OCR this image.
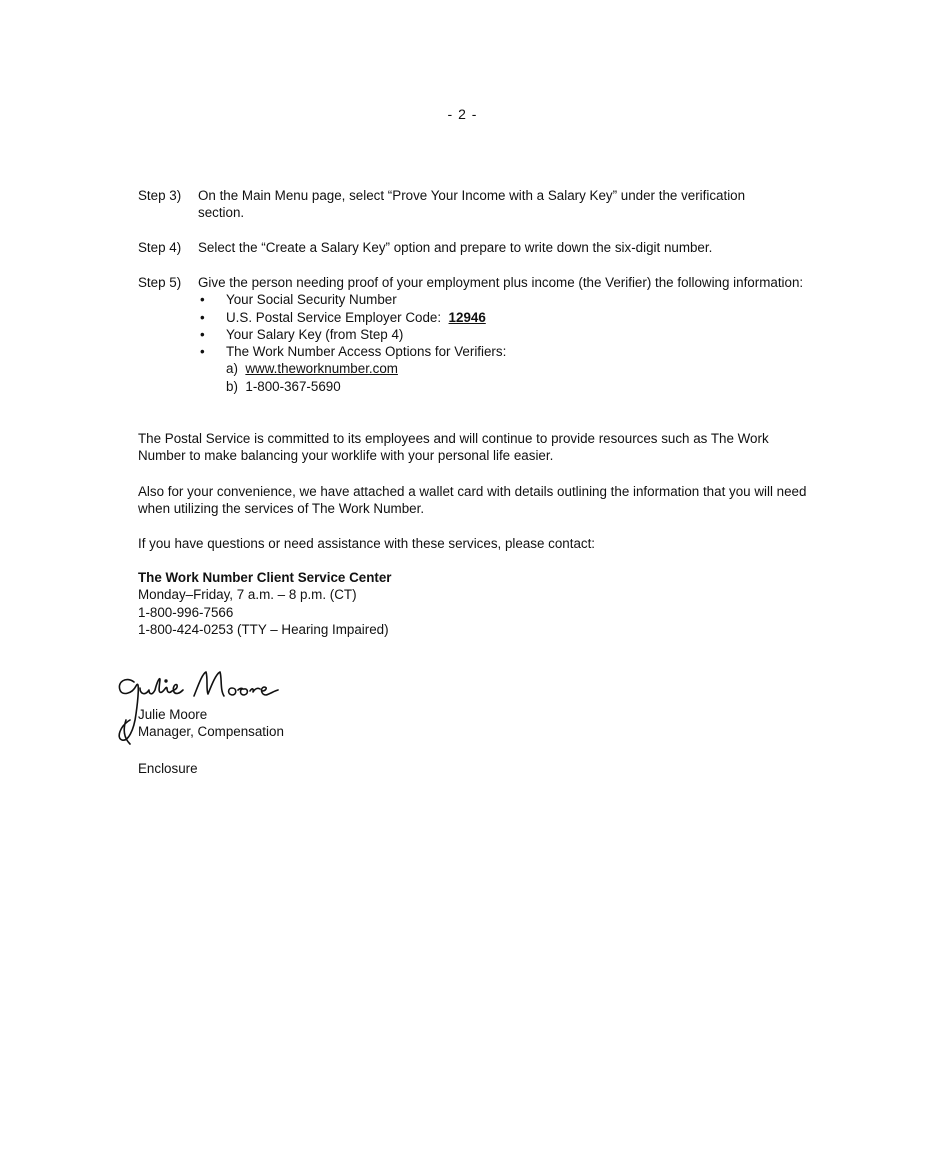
- 2 -
Step 3)	On the Main Menu page, select “Prove Your Income with a Salary Key” under the verification section.
Step 4)	Select the “Create a Salary Key” option and prepare to write down the six-digit number.
Step 5)	Give the person needing proof of your employment plus income (the Verifier) the following information:
• Your Social Security Number
• U.S. Postal Service Employer Code: 12946
• Your Salary Key (from Step 4)
• The Work Number Access Options for Verifiers:
a) www.theworknumber.com
b) 1-800-367-5690
The Postal Service is committed to its employees and will continue to provide resources such as The Work Number to make balancing your worklife with your personal life easier.
Also for your convenience, we have attached a wallet card with details outlining the information that you will need when utilizing the services of The Work Number.
If you have questions or need assistance with these services, please contact:
The Work Number Client Service Center
Monday–Friday, 7 a.m. – 8 p.m. (CT)
1-800-996-7566
1-800-424-0253 (TTY – Hearing Impaired)
Julie Moore
Manager, Compensation
Enclosure
